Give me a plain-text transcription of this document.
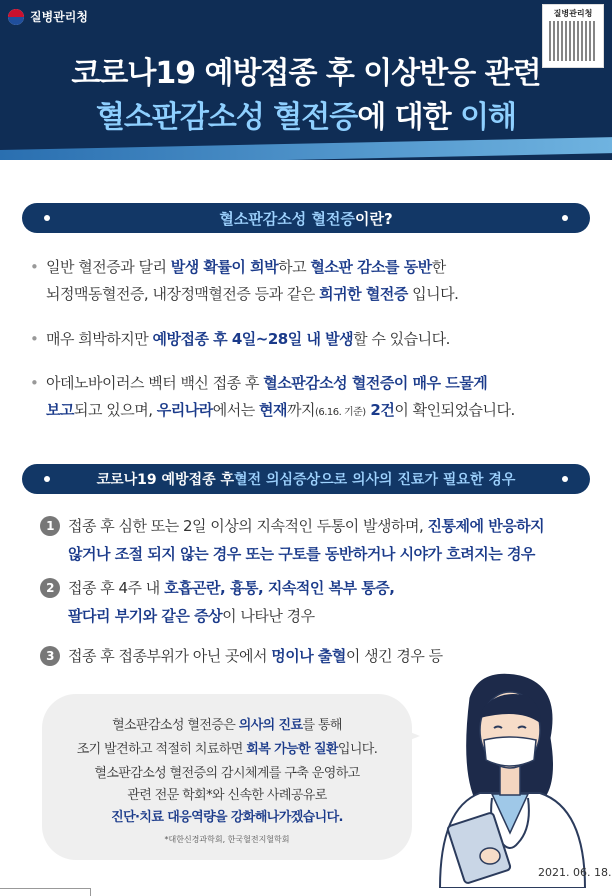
질병관리청	질병관리청
코로나19 예방접종 후 이상반응 관련
혈소판감소성 혈전증에 대한 이해
혈소판감소성 혈전증 이란?
• 일반 혈전증과 달리 발생 확률이 희박하고 혈소판 감소를 동반한
뇌정맥동혈전증, 내장정맥혈전증 등과 같은 희귀한 혈전증 입니다.
• 매우 희박하지만 예방접종 후 4일~28일 내 발생할 수 있습니다.
• 아데노바이러스 벡터 백신 접종 후 혈소판감소성 혈전증이 매우 드물게
보고되고 있으며, 우리나라에서는 현재까지(6.16. 기준) 2건이 확인되었습니다.
코로나19 예방접종 후 혈전 의심증상으로 의사의 진료가 필요한 경우
1 접종 후 심한 또는 2일 이상의 지속적인 두통이 발생하며, 진통제에 반응하지
않거나 조절 되지 않는 경우 또는 구토를 동반하거나 시야가 흐려지는 경우
2 접종 후 4주 내 호흡곤란, 흉통, 지속적인 복부 통증,
팔다리 부기와 같은 증상이 나타난 경우
3 접종 후 접종부위가 아닌 곳에서 멍이나 출혈이 생긴 경우 등
혈소판감소성 혈전증은 의사의 진료를 통해
조기 발견하고 적절히 치료하면 회복 가능한 질환입니다.
혈소판감소성 혈전증의 감시체계를 구축 운영하고
관련 전문 학회*와 신속한 사례공유로
진단·치료 대응역량을 강화해나가겠습니다.
*대한신경과학회, 한국혈전지혈학회
2021. 06. 18.
